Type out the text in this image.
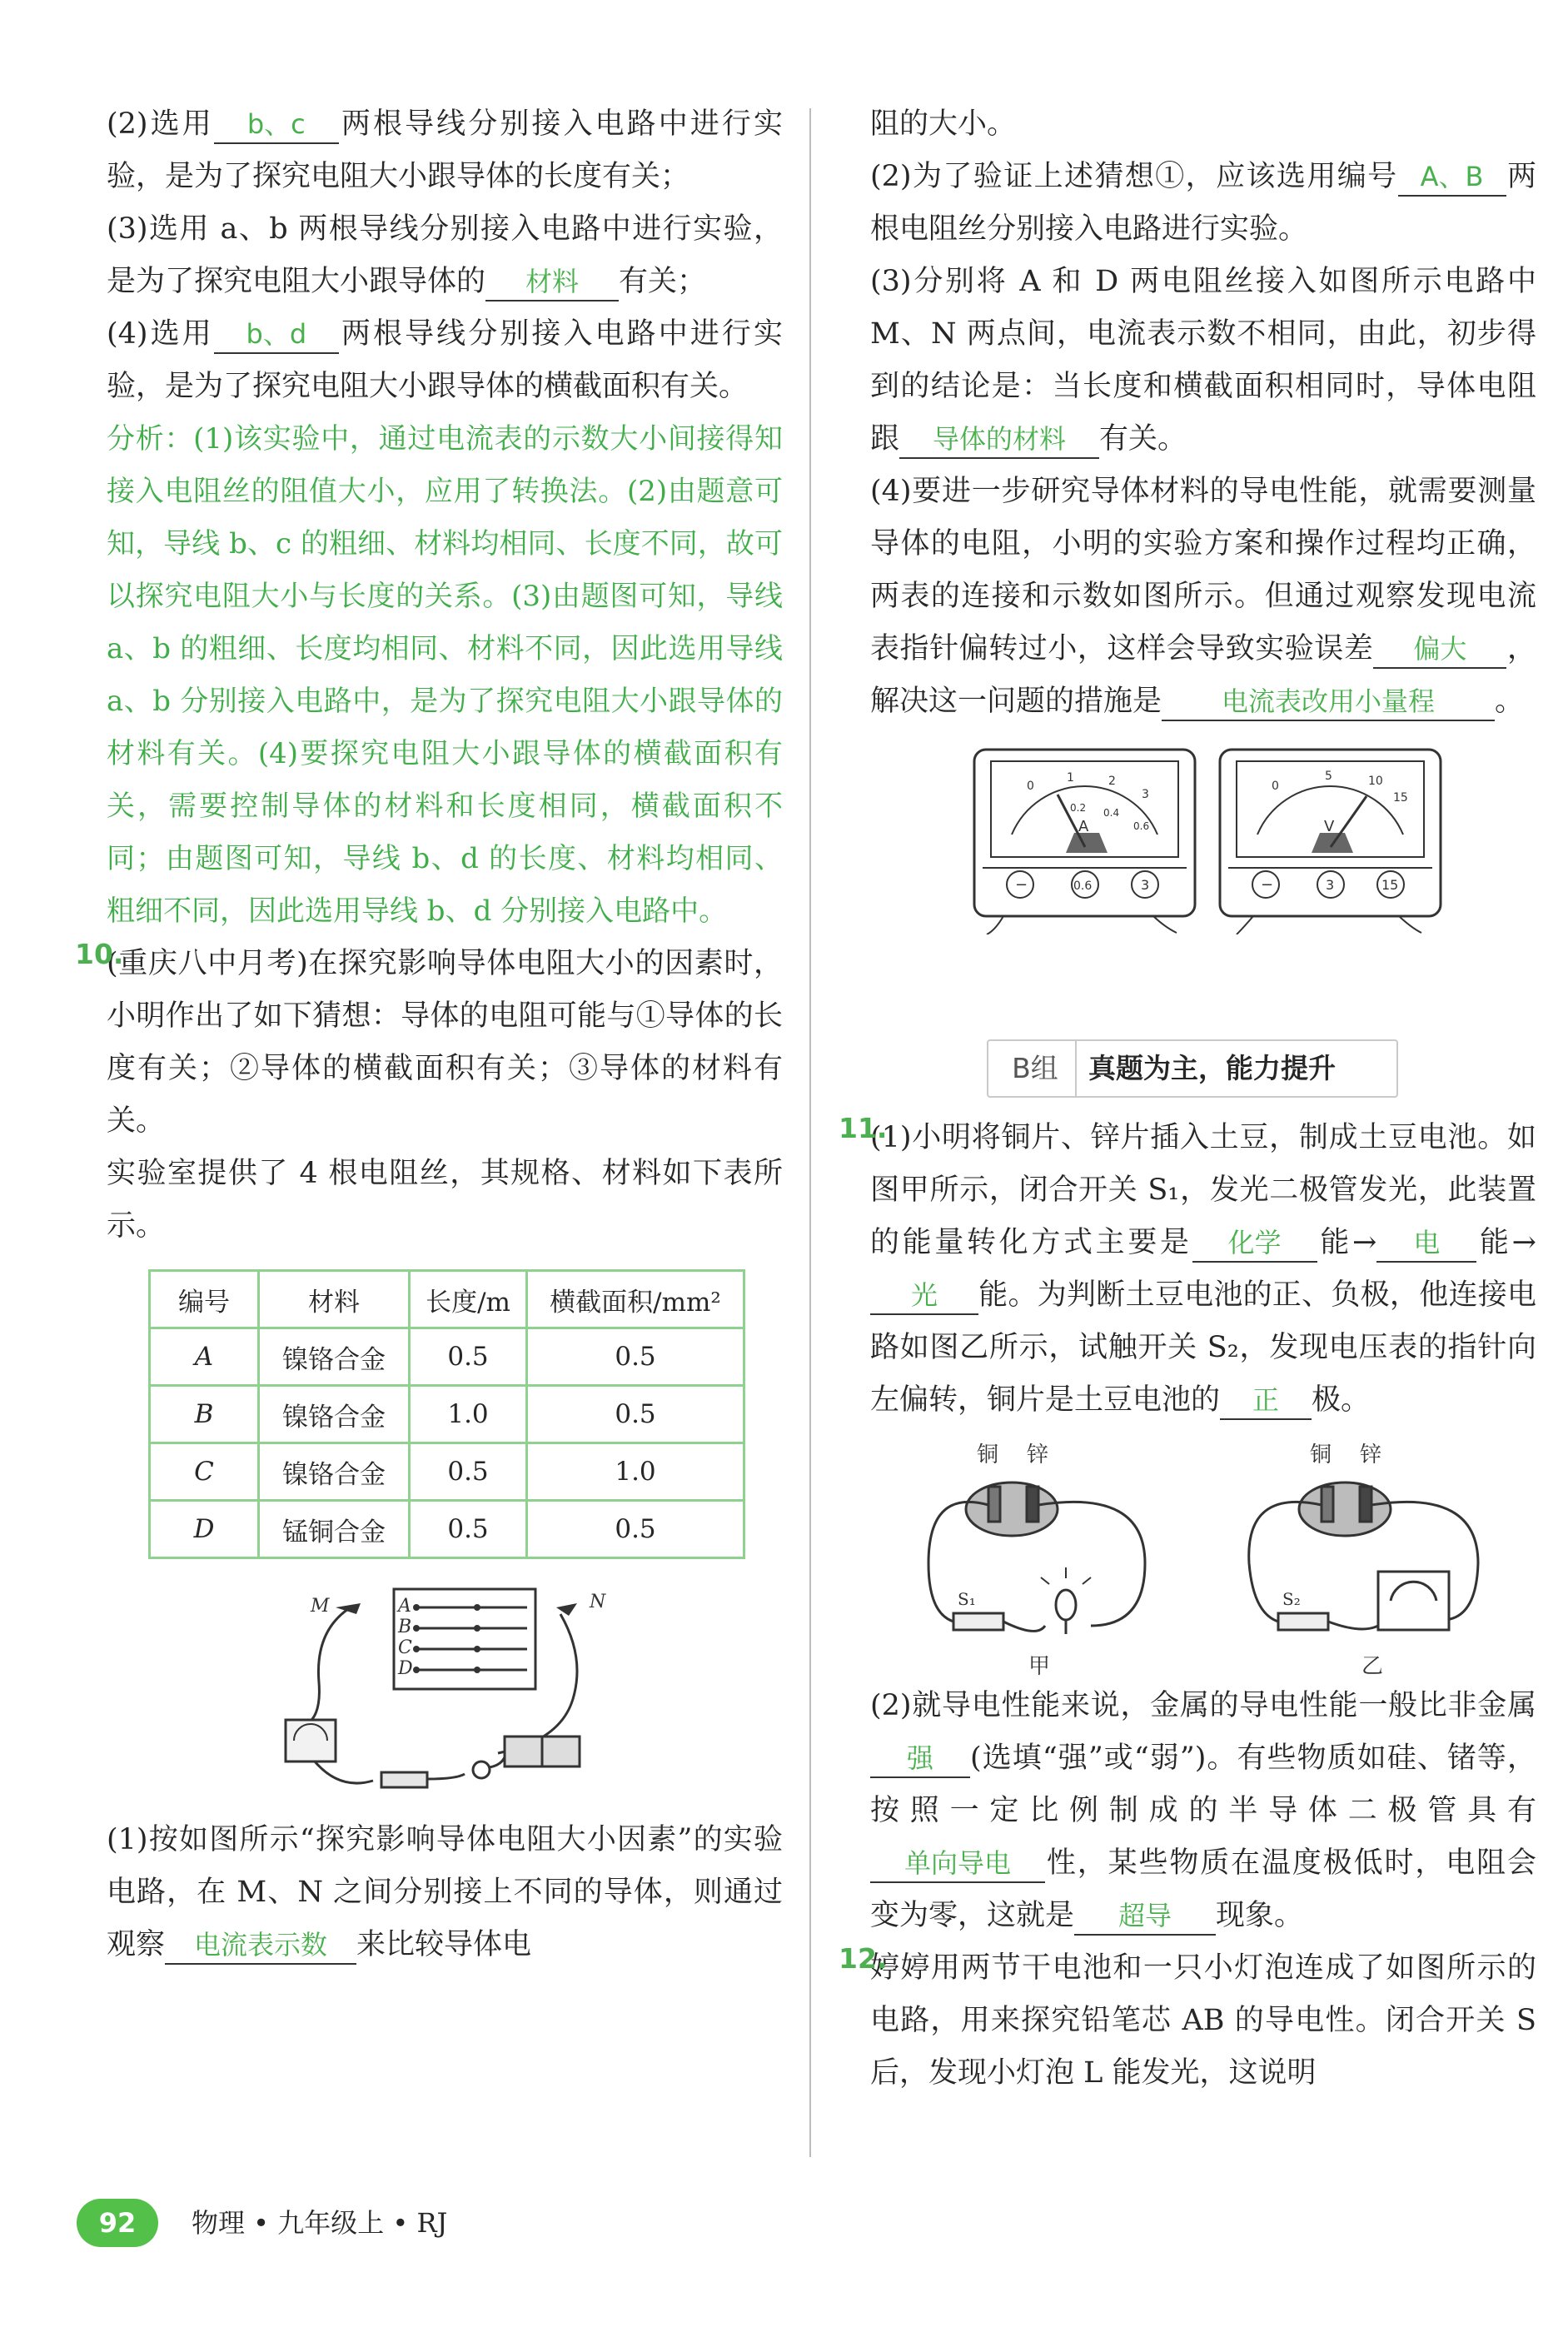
(2)选用 b、c 两根导线分别接入电路中进行实验，是为了探究电阻大小跟导体的长度有关；

(3)选用 a、b 两根导线分别接入电路中进行实验，是为了探究电阻大小跟导体的 材料 有关；

(4)选用 b、d 两根导线分别接入电路中进行实验，是为了探究电阻大小跟导体的横截面积有关。

分析：(1)该实验中，通过电流表的示数大小间接得知接入电阻丝的阻值大小，应用了转换法。(2)由题意可知，导线 b、c 的粗细、材料均相同、长度不同，故可以探究电阻大小与长度的关系。(3)由题图可知，导线 a、b 的粗细、长度均相同、材料不同，因此选用导线 a、b 分别接入电路中，是为了探究电阻大小跟导体的材料有关。(4)要探究电阻大小跟导体的横截面积有关，需要控制导体的材料和长度相同，横截面积不同；由题图可知，导线 b、d 的长度、材料均相同、粗细不同，因此选用导线 b、d 分别接入电路中。

10.

(重庆八中月考)在探究影响导体电阻大小的因素时，小明作出了如下猜想：导体的电阻可能与①导体的长度有关；②导体的横截面积有关；③导体的材料有关。

实验室提供了 4 根电阻丝，其规格、材料如下表所示。

编号	材料	长度/m	横截面积/mm²
A	镍铬合金	0.5	0.5
B	镍铬合金	1.0	0.5
C	镍铬合金	0.5	1.0
D	锰铜合金	0.5	0.5
M	N
A
B
C
D

(1)按如图所示“探究影响导体电阻大小因素”的实验电路，在 M、N 之间分别接上不同的导体，则通过观察 电流表示数 来比较导体电

阻的大小。

(2)为了验证上述猜想①，应该选用编号 A、B 两根电阻丝分别接入电路进行实验。

(3)分别将 A 和 D 两电阻丝接入如图所示电路中 M、N 两点间，电流表示数不相同，由此，初步得到的结论是：当长度和横截面积相同时，导体电阻跟 导体的材料 有关。

(4)要进一步研究导体材料的导电性能，就需要测量导体的电阻，小明的实验方案和操作过程均正确，两表的连接和示数如图所示。但通过观察发现电流表指针偏转过小，这样会导致实验误差 偏大 ，解决这一问题的措施是 电流表改用小量程 。

0
1	2
3
0.2 0.4
0.6
A
−	0.6	3
0
5	10
15
V
−	3	15
B组	真题为主，能力提升
11.

(1)小明将铜片、锌片插入土豆，制成土豆电池。如图甲所示，闭合开关 S₁，发光二极管发光，此装置的能量转化方式主要是 化学 能→ 电 能→光 能。为判断土豆电池的正、负极，他连接电路如图乙所示，试触开关 S₂，发现电压表的指针向左偏转，铜片是土豆电池的 正 极。

铜 锌	铜 锌
S₁	S₂
甲	乙

(2)就导电性能来说，金属的导电性能一般比非金属强 (选填“强”或“弱”)。有些物质如硅、锗等，按照一定比例制成的半导体二极管具有单向导电 性，某些物质在温度极低时，电阻会变为零，这就是 超导 现象。

12.

婷婷用两节干电池和一只小灯泡连成了如图所示的电路，用来探究铅笔芯 AB 的导电性。闭合开关 S 后，发现小灯泡 L 能发光，这说明

92	物理 • 九年级上 • RJ
